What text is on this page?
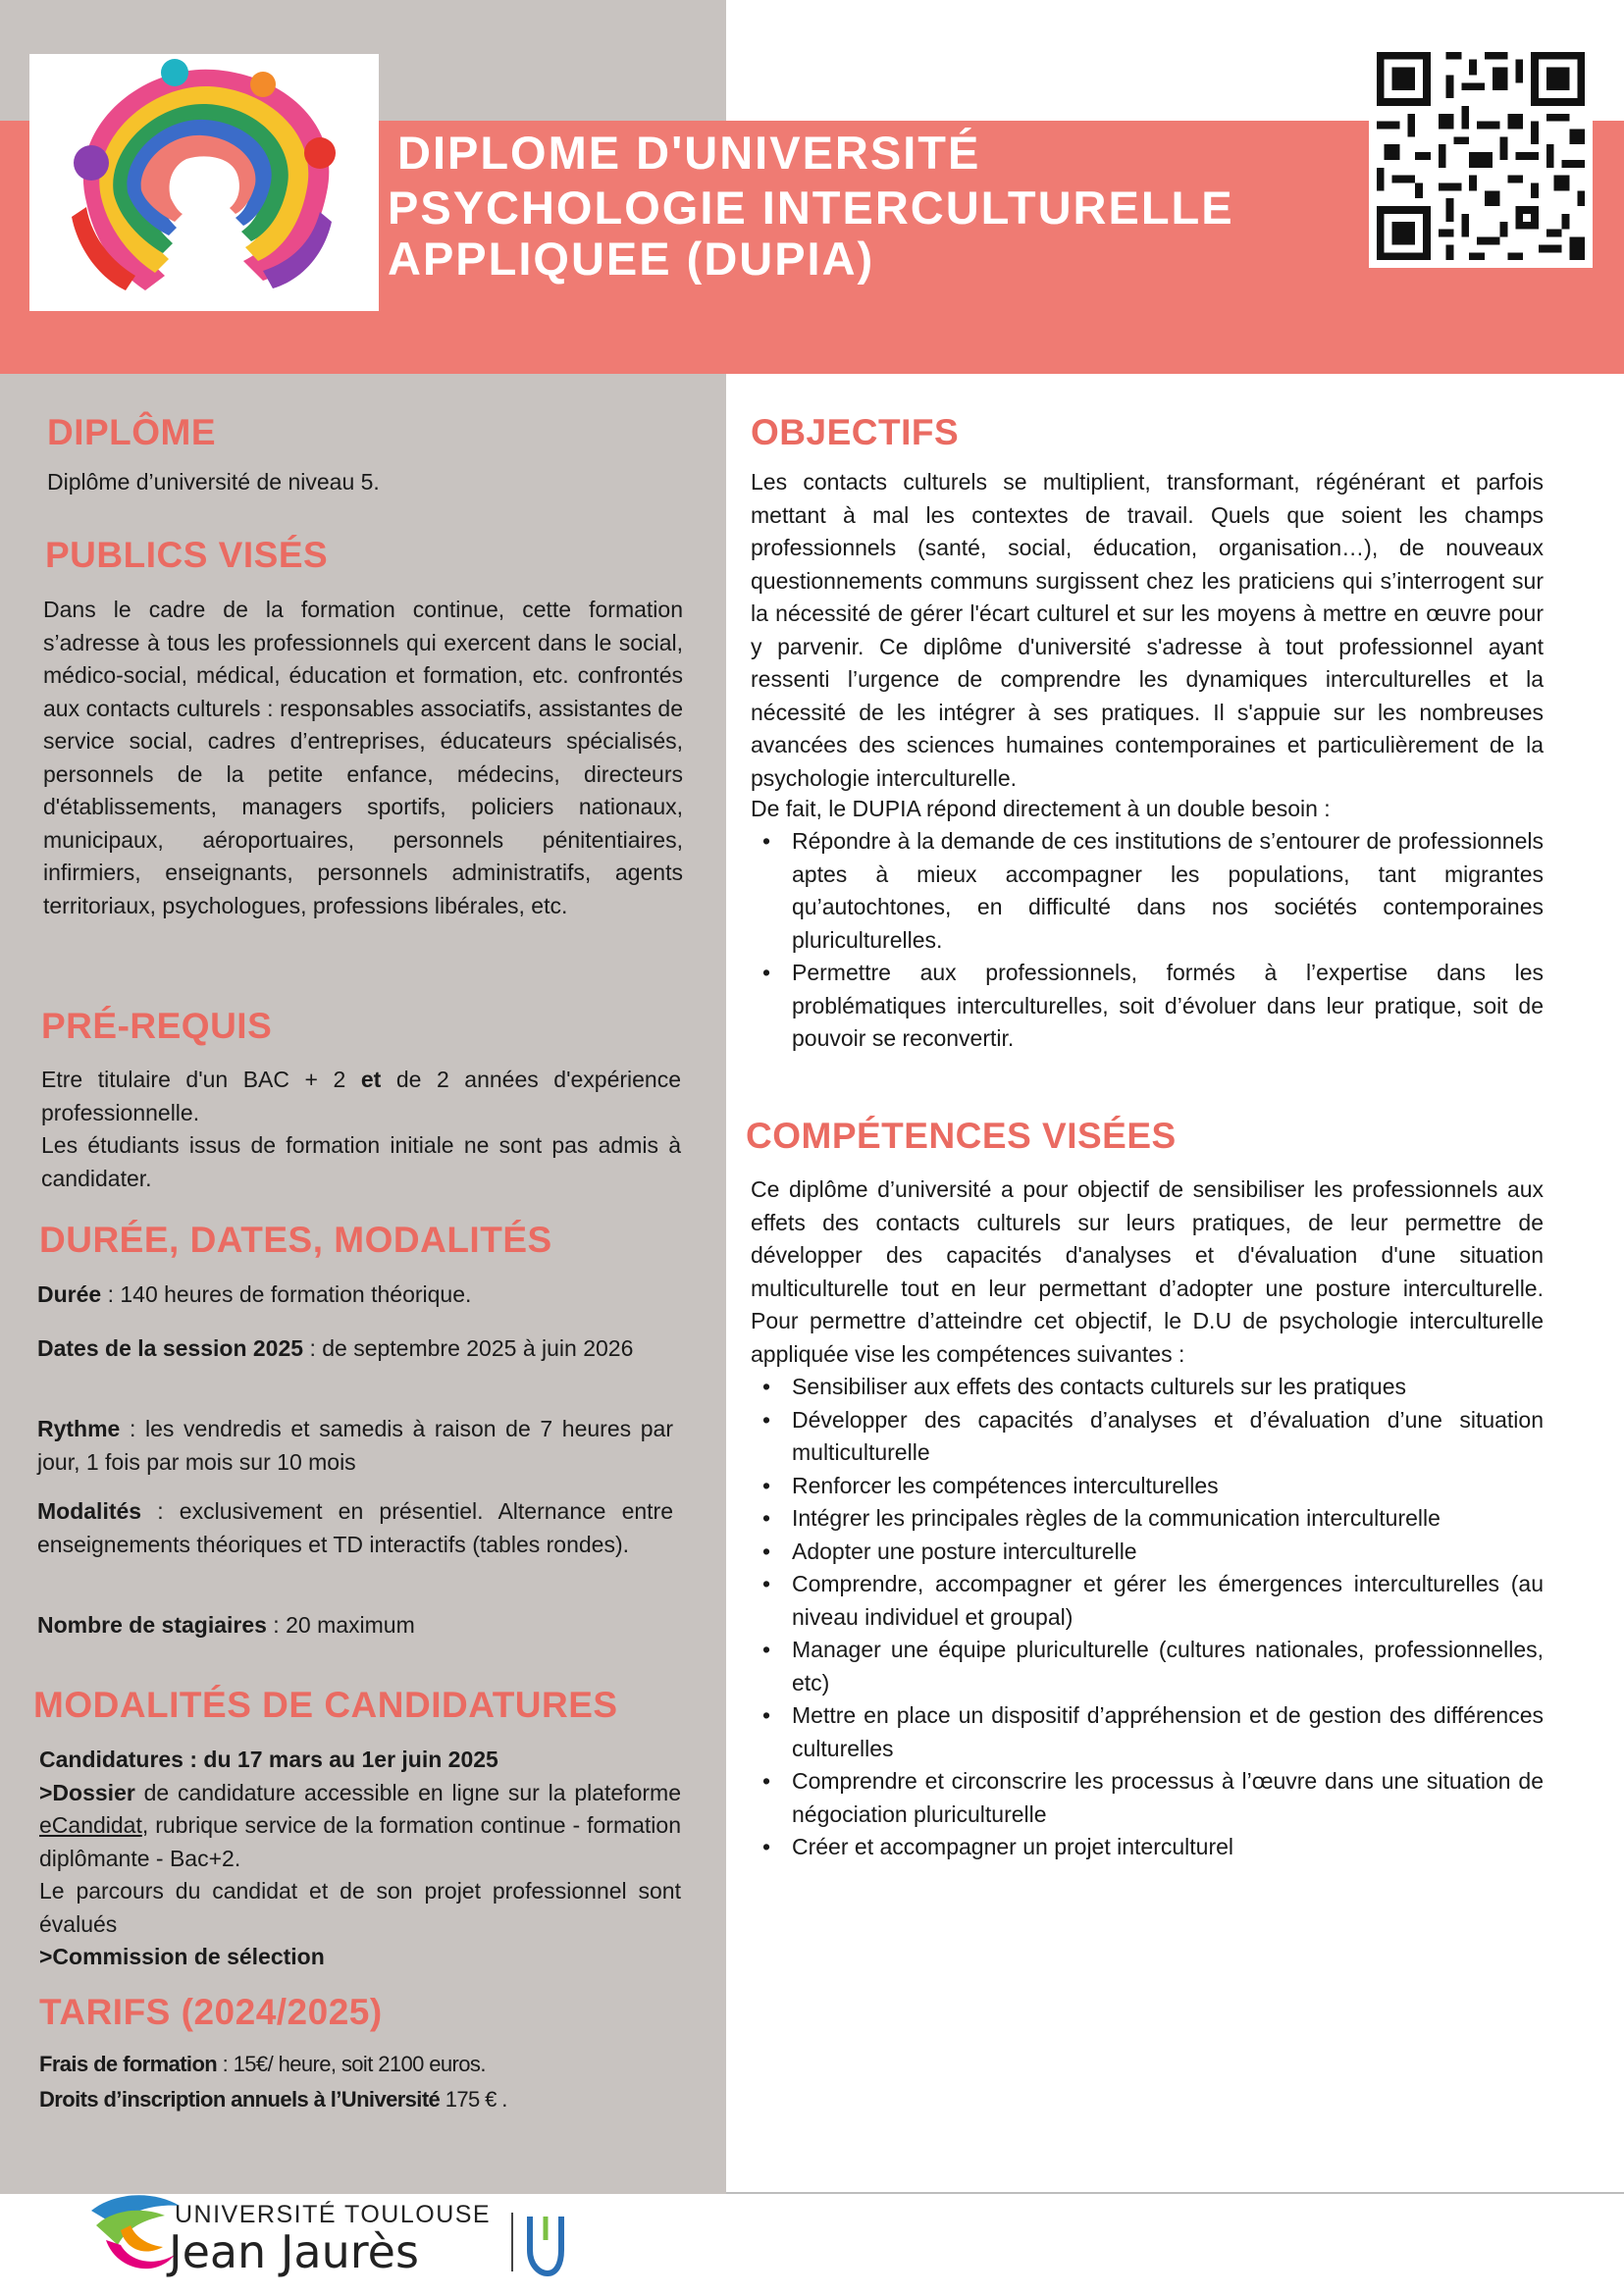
DIPLOME D'UNIVERSITÉ
PSYCHOLOGIE INTERCULTURELLE
APPLIQUEE (DUPIA)
DIPLÔME
Diplôme d’université de niveau 5.
PUBLICS VISÉS
Dans le cadre de la formation continue, cette formation s’adresse à tous les professionnels qui exercent dans le social, médico-social, médical, éducation et formation, etc. confrontés aux contacts culturels : responsables associatifs, assistantes de service social, cadres d’entreprises, éducateurs spécialisés, personnels de la petite enfance, médecins, directeurs d'établissements, managers sportifs, policiers nationaux, municipaux, aéroportuaires, personnels pénitentiaires, infirmiers, enseignants, personnels administratifs, agents territoriaux, psychologues, professions libérales, etc.
PRÉ-REQUIS
Etre titulaire d'un BAC + 2 et de 2 années d'expérience professionnelle.
Les étudiants issus de formation initiale ne sont pas admis à candidater.
DURÉE, DATES, MODALITÉS
Durée : 140 heures de formation théorique.
Dates de la session 2025 : de septembre 2025 à juin 2026
Rythme : les vendredis et samedis à raison de 7 heures par jour, 1 fois par mois sur 10 mois
Modalités : exclusivement en présentiel. Alternance entre enseignements théoriques et TD interactifs (tables rondes).
Nombre de stagiaires : 20 maximum
MODALITÉS DE CANDIDATURES
Candidatures : du 17 mars au 1er juin 2025
>Dossier de candidature accessible en ligne sur la plateforme eCandidat, rubrique service de la formation continue - formation diplômante - Bac+2.
Le parcours du candidat et de son projet professionnel sont évalués
>Commission de sélection
TARIFS (2024/2025)
Frais de formation : 15€/ heure, soit 2100 euros.
Droits d’inscription annuels à l’Université 175 € .
OBJECTIFS
Les contacts culturels se multiplient, transformant, régénérant et parfois mettant à mal les contextes de travail. Quels que soient les champs professionnels (santé, social, éducation, organisation…), de nouveaux questionnements communs surgissent chez les praticiens qui s’interrogent sur la nécessité de gérer l'écart culturel et sur les moyens à mettre en œuvre pour y parvenir. Ce diplôme d'université s'adresse à tout professionnel ayant ressenti l’urgence de comprendre les dynamiques interculturelles et la nécessité de les intégrer à ses pratiques. Il s'appuie sur les nombreuses avancées des sciences humaines contemporaines et particulièrement de la psychologie interculturelle.
De fait, le DUPIA répond directement à un double besoin :
• Répondre à la demande de ces institutions de s’entourer de professionnels aptes à mieux accompagner les populations, tant migrantes qu’autochtones, en difficulté dans nos sociétés contemporaines pluriculturelles.
• Permettre aux professionnels, formés à l’expertise dans les problématiques interculturelles, soit d’évoluer dans leur pratique, soit de pouvoir se reconvertir.
COMPÉTENCES VISÉES
Ce diplôme d’université a pour objectif de sensibiliser les professionnels aux effets des contacts culturels sur leurs pratiques, de leur permettre de développer des capacités d'analyses et d'évaluation d'une situation multiculturelle tout en leur permettant d’adopter une posture interculturelle. Pour permettre d’atteindre cet objectif, le D.U de psychologie interculturelle appliquée vise les compétences suivantes :
• Sensibiliser aux effets des contacts culturels sur les pratiques
• Développer des capacités d’analyses et d’évaluation d’une situation multiculturelle
• Renforcer les compétences interculturelles
• Intégrer les principales règles de la communication interculturelle
• Adopter une posture interculturelle
• Comprendre, accompagner et gérer les émergences interculturelles (au niveau individuel et groupal)
• Manager une équipe pluriculturelle (cultures nationales, professionnelles, etc)
• Mettre en place un dispositif d’appréhension et de gestion des différences culturelles
• Comprendre et circonscrire les processus à l’œuvre dans une situation de négociation pluriculturelle
• Créer et accompagner un projet interculturel
UNIVERSITÉ TOULOUSE
Jean Jaurès
